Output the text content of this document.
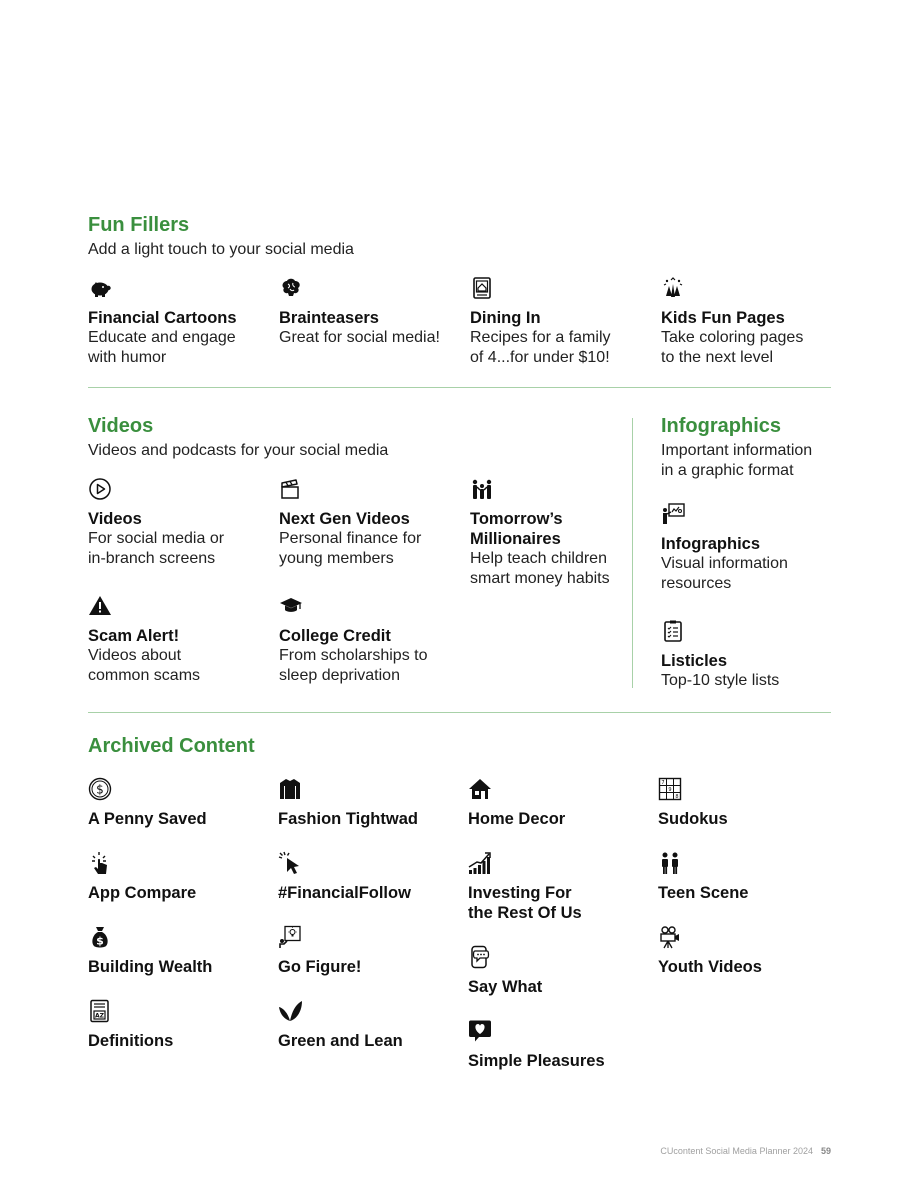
Fun Fillers
Add a light touch to your social media
Financial Cartoons
Educate and engage
with humor
Brainteasers
Great for social media!
Dining In
Recipes for a family
of 4...for under $10!
Kids Fun Pages
Take coloring pages
to the next level
Videos
Videos and podcasts for your social media
Videos
For social media or
in-branch screens
Next Gen Videos
Personal finance for
young members
Tomorrow’s
Millionaires
Help teach children
smart money habits
Scam Alert!
Videos about
common scams
College Credit
From scholarships to
sleep deprivation
Infographics
Important information
in a graphic format
Infographics
Visual information
resources
Listicles
Top-10 style lists
Archived Content
$
A Penny Saved	Fashion Tightwad	Home Decor
7
9
8
Sudokus
App Compare	#FinancialFollow	Investing For
the Rest Of Us
Teen Scene
$
Building Wealth	Go Figure!
Say What
Youth Videos
AZ
Definitions	Green and Lean
Simple Pleasures
CUcontent Social Media Planner 2024 59
